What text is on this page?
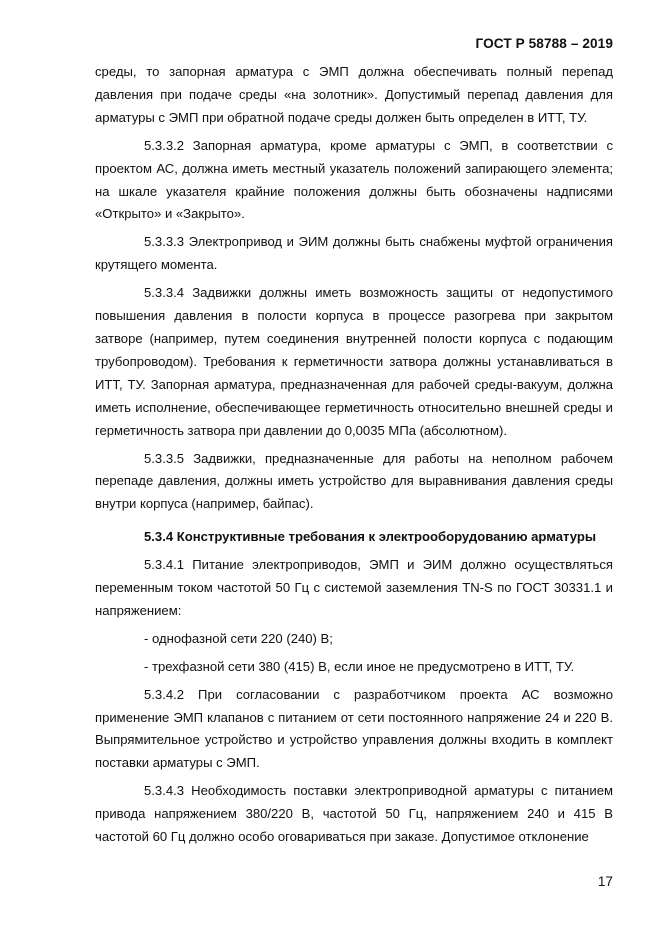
ГОСТ Р 58788 – 2019

среды, то запорная арматура с ЭМП должна обеспечивать полный перепад давления при подаче среды «на золотник». Допустимый перепад давления для арматуры с ЭМП при обратной подаче среды должен быть определен в ИТТ, ТУ.

5.3.3.2 Запорная арматура, кроме арматуры с ЭМП, в соответствии с проектом АС, должна иметь местный указатель положений запирающего элемента; на шкале указателя крайние положения должны быть обозначены надписями «Открыто» и «Закрыто».

5.3.3.3 Электропривод и ЭИМ должны быть снабжены муфтой ограничения крутящего момента.

5.3.3.4 Задвижки должны иметь возможность защиты от недопустимого повышения давления в полости корпуса в процессе разогрева при закрытом затворе (например, путем соединения внутренней полости корпуса с подающим трубопроводом). Требования к герметичности затвора должны устанавливаться в ИТТ, ТУ. Запорная арматура, предназначенная для рабочей среды-вакуум, должна иметь исполнение, обеспечивающее герметичность относительно внешней среды и герметичность затвора при давлении до 0,0035 МПа (абсолютном).

5.3.3.5 Задвижки, предназначенные для работы на неполном рабочем перепаде давления, должны иметь устройство для выравнивания давления среды внутри корпуса (например, байпас).

5.3.4 Конструктивные требования к электрооборудованию арматуры

5.3.4.1 Питание электроприводов, ЭМП и ЭИМ должно осуществляться переменным током частотой 50 Гц с системой заземления TN-S по ГОСТ 30331.1 и напряжением:

- однофазной сети 220 (240) В;

- трехфазной сети 380 (415) В, если иное не предусмотрено в ИТТ, ТУ.

5.3.4.2 При согласовании с разработчиком проекта АС возможно применение ЭМП клапанов с питанием от сети постоянного напряжение 24 и 220 В. Выпрямительное устройство и устройство управления должны входить в комплект поставки арматуры с ЭМП.

5.3.4.3 Необходимость поставки электроприводной арматуры с питанием привода напряжением 380/220 В, частотой 50 Гц, напряжением 240 и 415 В частотой 60 Гц должно особо оговариваться при заказе. Допустимое отклонение

17
